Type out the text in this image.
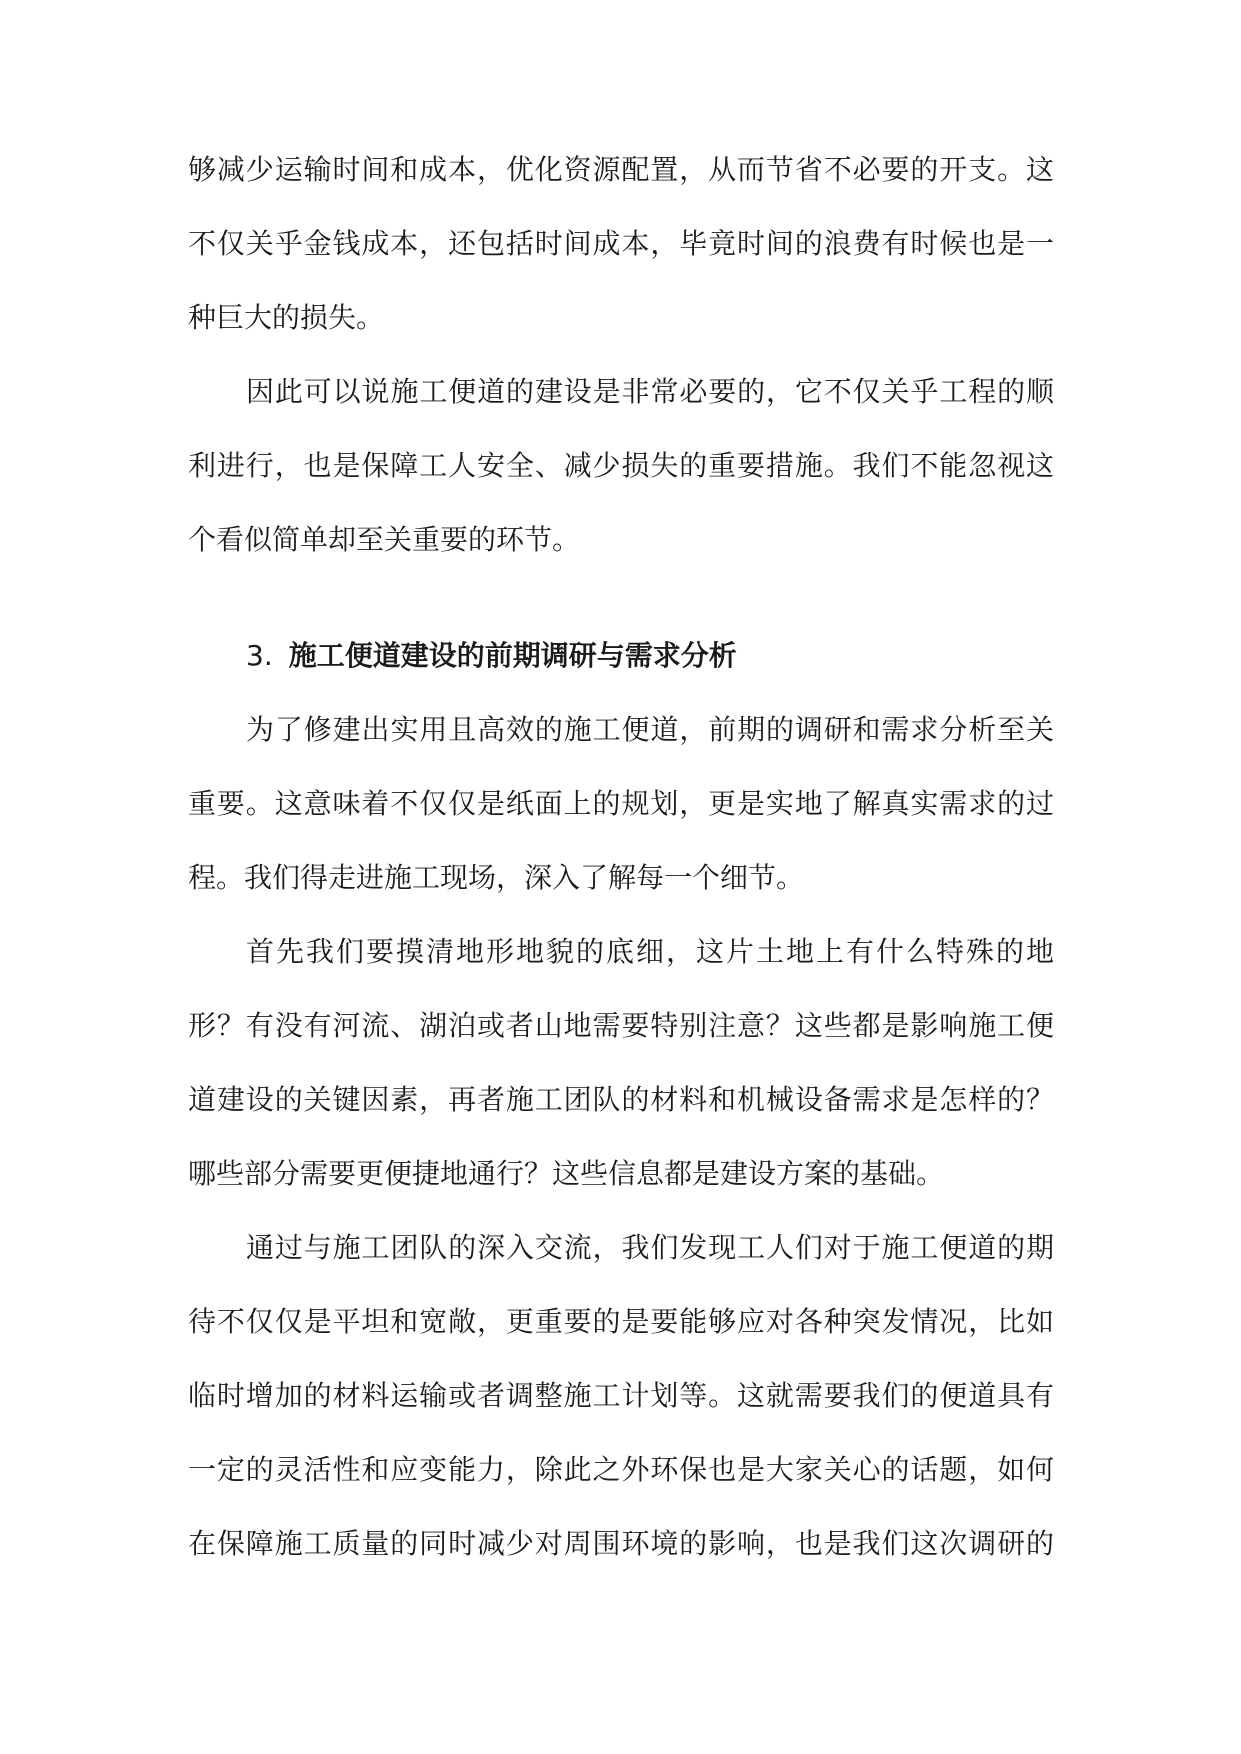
够减少运输时间和成本，优化资源配置，从而节省不必要的开支。这
不仅关乎金钱成本，还包括时间成本，毕竟时间的浪费有时候也是一
种巨大的损失。
因此可以说施工便道的建设是非常必要的，它不仅关乎工程的顺
利进行，也是保障工人安全、减少损失的重要措施。我们不能忽视这
个看似简单却至关重要的环节。
3. 施工便道建设的前期调研与需求分析
为了修建出实用且高效的施工便道，前期的调研和需求分析至关
重要。这意味着不仅仅是纸面上的规划，更是实地了解真实需求的过
程。我们得走进施工现场，深入了解每一个细节。
首先我们要摸清地形地貌的底细，这片土地上有什么特殊的地
形？有没有河流、湖泊或者山地需要特别注意？这些都是影响施工便
道建设的关键因素，再者施工团队的材料和机械设备需求是怎样的？
哪些部分需要更便捷地通行？这些信息都是建设方案的基础。
通过与施工团队的深入交流，我们发现工人们对于施工便道的期
待不仅仅是平坦和宽敞，更重要的是要能够应对各种突发情况，比如
临时增加的材料运输或者调整施工计划等。这就需要我们的便道具有
一定的灵活性和应变能力，除此之外环保也是大家关心的话题，如何
在保障施工质量的同时减少对周围环境的影响，也是我们这次调研的
